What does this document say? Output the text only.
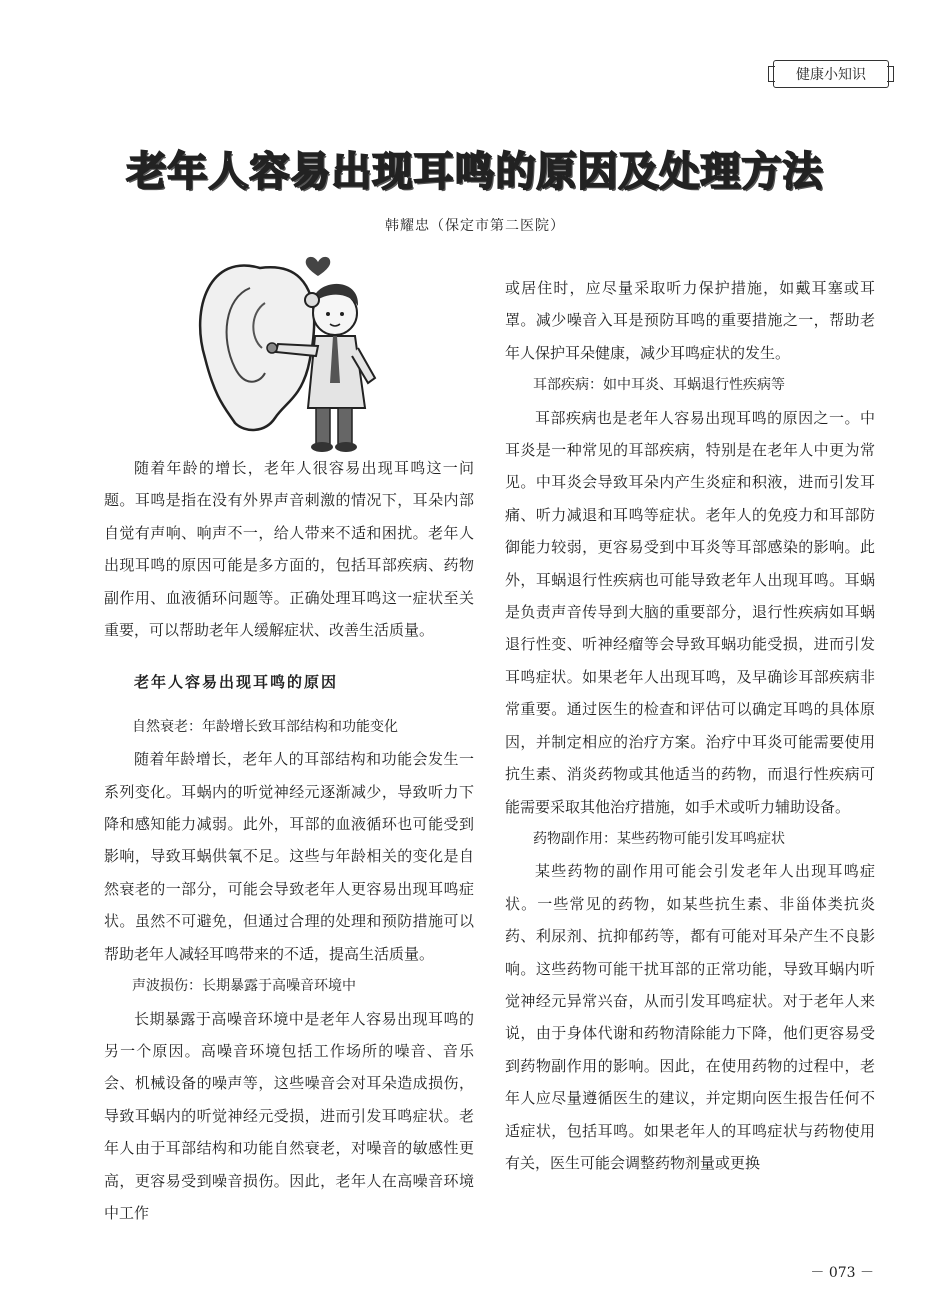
健康小知识
老年人容易出现耳鸣的原因及处理方法
韩耀忠（保定市第二医院）

随着年龄的增长，老年人很容易出现耳鸣这一问题。耳鸣是指在没有外界声音刺激的情况下，耳朵内部自觉有声响、响声不一，给人带来不适和困扰。老年人出现耳鸣的原因可能是多方面的，包括耳部疾病、药物副作用、血液循环问题等。正确处理耳鸣这一症状至关重要，可以帮助老年人缓解症状、改善生活质量。

老年人容易出现耳鸣的原因

自然衰老：年龄增长致耳部结构和功能变化

随着年龄增长，老年人的耳部结构和功能会发生一系列变化。耳蜗内的听觉神经元逐渐减少，导致听力下降和感知能力减弱。此外，耳部的血液循环也可能受到影响，导致耳蜗供氧不足。这些与年龄相关的变化是自然衰老的一部分，可能会导致老年人更容易出现耳鸣症状。虽然不可避免，但通过合理的处理和预防措施可以帮助老年人减轻耳鸣带来的不适，提高生活质量。

声波损伤：长期暴露于高噪音环境中

长期暴露于高噪音环境中是老年人容易出现耳鸣的另一个原因。高噪音环境包括工作场所的噪音、音乐会、机械设备的噪声等，这些噪音会对耳朵造成损伤，导致耳蜗内的听觉神经元受损，进而引发耳鸣症状。老年人由于耳部结构和功能自然衰老，对噪音的敏感性更高，更容易受到噪音损伤。因此，老年人在高噪音环境中工作

或居住时，应尽量采取听力保护措施，如戴耳塞或耳罩。减少噪音入耳是预防耳鸣的重要措施之一，帮助老年人保护耳朵健康，减少耳鸣症状的发生。

耳部疾病：如中耳炎、耳蜗退行性疾病等

耳部疾病也是老年人容易出现耳鸣的原因之一。中耳炎是一种常见的耳部疾病，特别是在老年人中更为常见。中耳炎会导致耳朵内产生炎症和积液，进而引发耳痛、听力减退和耳鸣等症状。老年人的免疫力和耳部防御能力较弱，更容易受到中耳炎等耳部感染的影响。此外，耳蜗退行性疾病也可能导致老年人出现耳鸣。耳蜗是负责声音传导到大脑的重要部分，退行性疾病如耳蜗退行性变、听神经瘤等会导致耳蜗功能受损，进而引发耳鸣症状。如果老年人出现耳鸣，及早确诊耳部疾病非常重要。通过医生的检查和评估可以确定耳鸣的具体原因，并制定相应的治疗方案。治疗中耳炎可能需要使用抗生素、消炎药物或其他适当的药物，而退行性疾病可能需要采取其他治疗措施，如手术或听力辅助设备。

药物副作用：某些药物可能引发耳鸣症状

某些药物的副作用可能会引发老年人出现耳鸣症状。一些常见的药物，如某些抗生素、非甾体类抗炎药、利尿剂、抗抑郁药等，都有可能对耳朵产生不良影响。这些药物可能干扰耳部的正常功能，导致耳蜗内听觉神经元异常兴奋，从而引发耳鸣症状。对于老年人来说，由于身体代谢和药物清除能力下降，他们更容易受到药物副作用的影响。因此，在使用药物的过程中，老年人应尽量遵循医生的建议，并定期向医生报告任何不适症状，包括耳鸣。如果老年人的耳鸣症状与药物使用有关，医生可能会调整药物剂量或更换

－ 073 －
